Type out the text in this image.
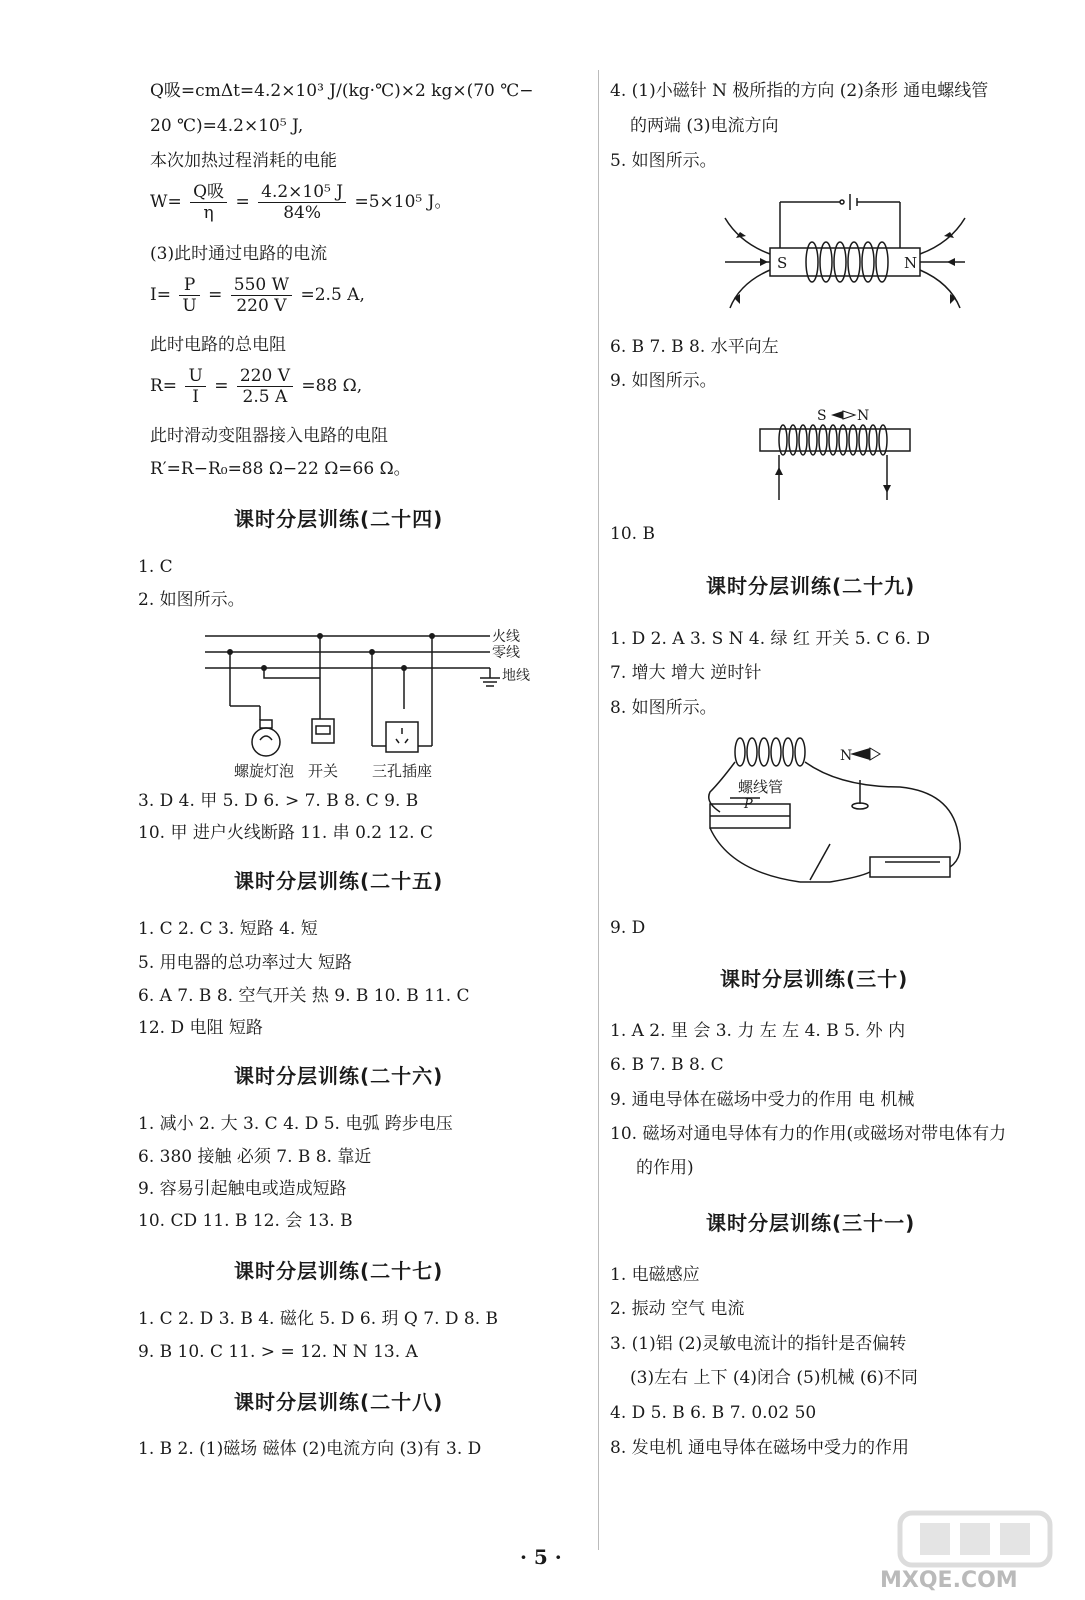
Q吸=cmΔt=4.2×10³ J/(kg·℃)×2 kg×(70 ℃−
20 ℃)=4.2×10⁵ J,
本次加热过程消耗的电能
$W= \frac{\text{Q吸}}{\eta} = \frac{\text{4.2×10⁵ J}}{84\%} =5\times 10^5$ J。
(3)此时通过电路的电流
$I= \frac{P}{U} = \frac{550 W}{220 V} =2.5$ A,
此时电路的总电阻
$R= \frac{U}{I} = \frac{220 V}{2.5 A} =88$ Ω,
此时滑动变阻器接入电路的电阻
R′=R−R₀=88 Ω−22 Ω=66 Ω。
课时分层训练(二十四)
1. C
2. 如图所示。
火线
零线
地线
螺旋灯泡 开关 三孔插座
3. D 4. 甲 5. D 6. > 7. B 8. C 9. B
10. 甲 进户火线断路 11. 串 0.2 12. C
课时分层训练(二十五)
1. C 2. C 3. 短路 4. 短
5. 用电器的总功率过大 短路
6. A 7. B 8. 空气开关 热 9. B 10. B 11. C
12. D 电阻 短路
课时分层训练(二十六)
1. 减小 2. 大 3. C 4. D 5. 电弧 跨步电压
6. 380 接触 必须 7. B 8. 靠近
9. 容易引起触电或造成短路
10. CD 11. B 12. 会 13. B
课时分层训练(二十七)
1. C 2. D 3. B 4. 磁化 5. D 6. 玥 Q 7. D 8. B
9. B 10. C 11. > = 12. N N 13. A
课时分层训练(二十八)
1. B 2. (1)磁场 磁体 (2)电流方向 (3)有 3. D
4. (1)小磁针 N 极所指的方向 (2)条形 通电螺线管
的两端 (3)电流方向
5. 如图所示。
S	N
6. B 7. B 8. 水平向左
9. 如图所示。
S N
10. B
课时分层训练(二十九)
1. D 2. A 3. S N 4. 绿 红 开关 5. C 6. D
7. 增大 增大 逆时针
8. 如图所示。
N
螺线管
P
9. D
课时分层训练(三十)
1. A 2. 里 会 3. 力 左 左 4. B 5. 外 内
6. B 7. B 8. C
9. 通电导体在磁场中受力的作用 电 机械
10. 磁场对通电导体有力的作用(或磁场对带电体有力
的作用)
课时分层训练(三十一)
1. 电磁感应
2. 振动 空气 电流
3. (1)铝 (2)灵敏电流计的指针是否偏转
(3)左右 上下 (4)闭合 (5)机械 (6)不同
4. D 5. B 6. B 7. 0.02 50
8. 发电机 通电导体在磁场中受力的作用
· 5 ·
MXQE.COM
